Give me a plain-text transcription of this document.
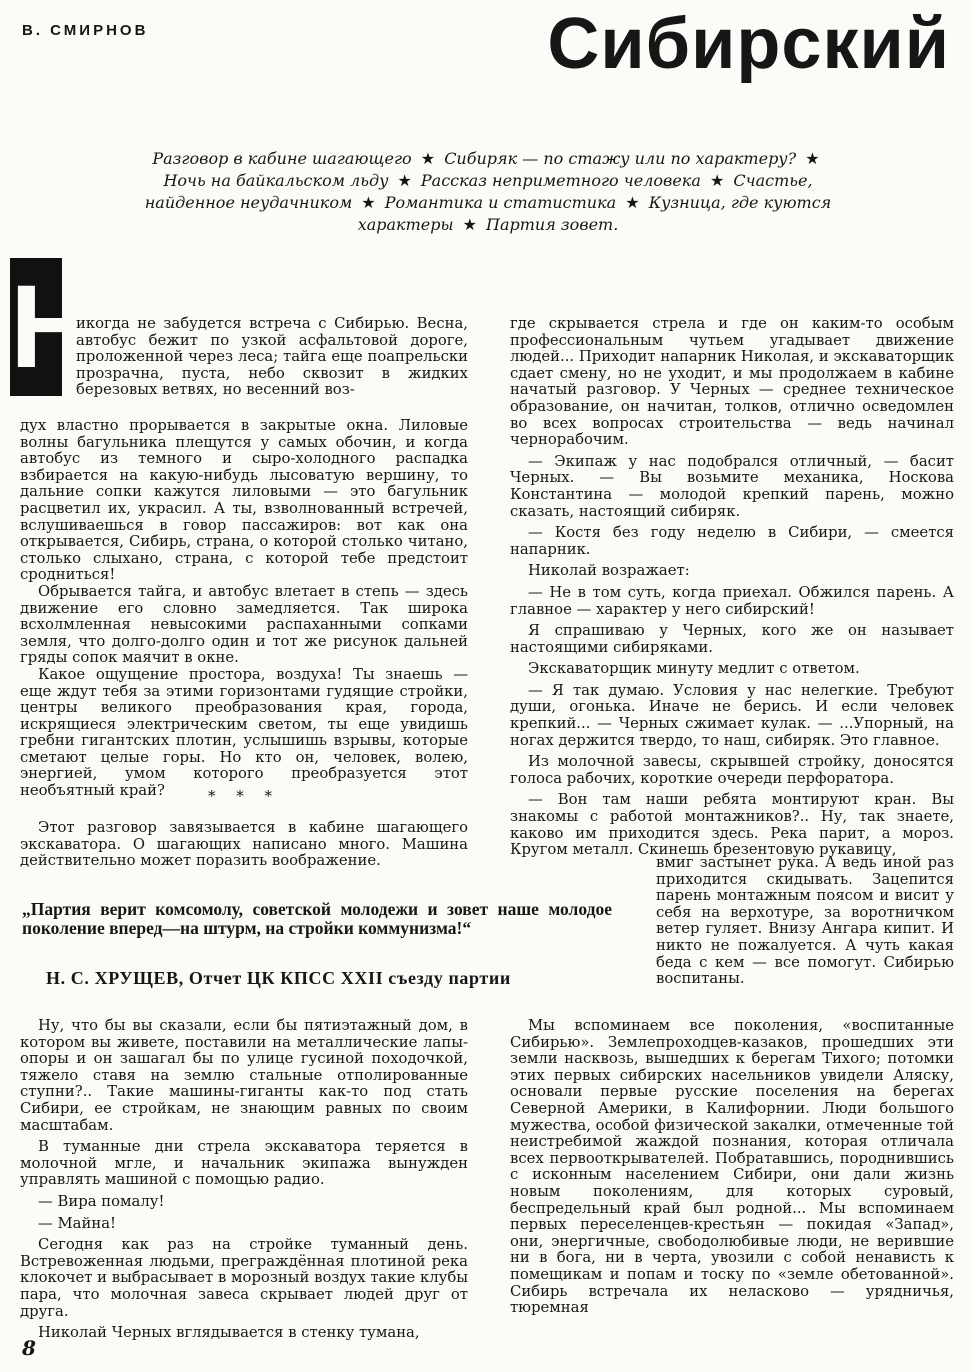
В. СМИРНОВ	Сибирский
Разговор в кабине шагающего ★ Сибиряк — по стажу или по характеру? ★ Ночь на байкальском льду ★ Рассказ неприметного человека ★ Счастье, найденное неудачником ★ Романтика и статистика ★ Кузница, где куются характеры ★ Партия зовет.
Н

икогда не забудется встреча с Сибирью. Весна, автобус бежит по узкой асфальтовой дороге, проложенной через леса; тайга еще поапрельски прозрачна, пуста, небо сквозит в жидких березовых ветвях, но весенний воз-

дух властно прорывается в закрытые окна. Лиловые волны багульника плещутся у самых обочин, и когда автобус из темного и сыро-холодного распадка взбирается на какую-нибудь лысоватую вершину, то дальние сопки кажутся лиловыми — это багульник расцветил их, украсил. А ты, взволнованный встречей, вслушиваешься в говор пассажиров: вот как она открывается, Сибирь, страна, о которой столько читано, столько слыхано, страна, с которой тебе предстоит сродниться!

Обрывается тайга, и автобус влетает в степь — здесь движение его словно замедляется. Так широка всхолмленная невысокими распаханными сопками земля, что долго-долго один и тот же рисунок дальней гряды сопок маячит в окне.

Какое ощущение простора, воздуха! Ты знаешь — еще ждут тебя за этими горизонтами гудящие стройки, центры великого преобразования края, города, искрящиеся электрическим светом, ты еще увидишь гребни гигантских плотин, услышишь взрывы, которые сметают целые горы. Но кто он, человек, волею, энергией, умом которого преобразуется этот необъятный край?	* * *

Этот разговор завязывается в кабине шагающего экскаватора. О шагающих написано много. Машина действительно может поразить воображение.

где скрывается стрела и где он каким-то особым профессиональным чутьем угадывает движение людей... Приходит напарник Николая, и экскаваторщик сдает смену, но не уходит, и мы продолжаем в кабине начатый разговор. У Черных — среднее техническое образование, он начитан, толков, отлично осведомлен во всех вопросах строительства — ведь начинал чернорабочим.

— Экипаж у нас подобрался отличный, — басит Черных. — Вы возьмите механика, Носкова Константина — молодой крепкий парень, можно сказать, настоящий сибиряк.

— Костя без году неделю в Сибири, — смеется напарник.

Николай возражает:

— Не в том суть, когда приехал. Обжился парень. А главное — характер у него сибирский!

Я спрашиваю у Черных, кого же он называет настоящими сибиряками.

Экскаваторщик минуту медлит с ответом.

— Я так думаю. Условия у нас нелегкие. Требуют души, огонька. Иначе не берись. И если человек крепкий... — Черных сжимает кулак. — ...Упорный, на ногах держится твердо, то наш, сибиряк. Это главное.

Из молочной завесы, скрывшей стройку, доносятся голоса рабочих, короткие очереди перфоратора.

— Вон там наши ребята монтируют кран. Вы знакомы с работой монтажников?.. Ну, так знаете, каково им приходится здесь. Река парит, а мороз. Кругом металл. Скинешь брезентовую рукавицу,

вмиг застынет рука. А ведь иной раз приходится скидывать. Зацепится парень монтажным поясом и висит у себя на верхотуре, за воротничком ветер гуляет. Внизу Ангара кипит. И никто не пожалуется. А чуть какая беда с кем — все помогут. Сибирью воспитаны.

„Партия верит комсомолу, советской молодежи и зовет наше молодое поколение вперед—на штурм, на стройки коммунизма!“
Н. С. ХРУЩЕВ, Отчет ЦК КПСС XXII съезду партии

Ну, что бы вы сказали, если бы пятиэтажный дом, в котором вы живете, поставили на металлические лапы-опоры и он зашагал бы по улице гусиной походочкой, тяжело ставя на землю стальные отполированные ступни?.. Такие машины-гиганты как-то под стать Сибири, ее стройкам, не знающим равных по своим масштабам.

В туманные дни стрела экскаватора теряется в молочной мгле, и начальник экипажа вынужден управлять машиной с помощью радио.

— Вира помалу!

— Майна!

Сегодня как раз на стройке туманный день. Встревоженная людьми, преграждённая плотиной река клокочет и выбрасывает в морозный воздух такие клубы пара, что молочная завеса скрывает людей друг от друга.

Николай Черных вглядывается в стенку тумана,

Мы вспоминаем все поколения, «воспитанные Сибирью». Землепроходцев-казаков, прошедших эти земли насквозь, вышедших к берегам Тихого; потомки этих первых сибирских насельников увидели Аляску, основали первые русские поселения на берегах Северной Америки, в Калифорнии. Люди большого мужества, особой физической закалки, отмеченные той неистребимой жаждой познания, которая отличала всех первооткрывателей. Побратавшись, породнившись с исконным населением Сибири, они дали жизнь новым поколениям, для которых суровый, беспредельный край был родной... Мы вспоминаем первых переселенцев-крестьян — покидая «Запад», они, энергичные, свободолюбивые люди, не верившие ни в бога, ни в черта, увозили с собой ненависть к помещикам и попам и тоску по «земле обетованной». Сибирь встречала их неласково — урядничья, тюремная

8
